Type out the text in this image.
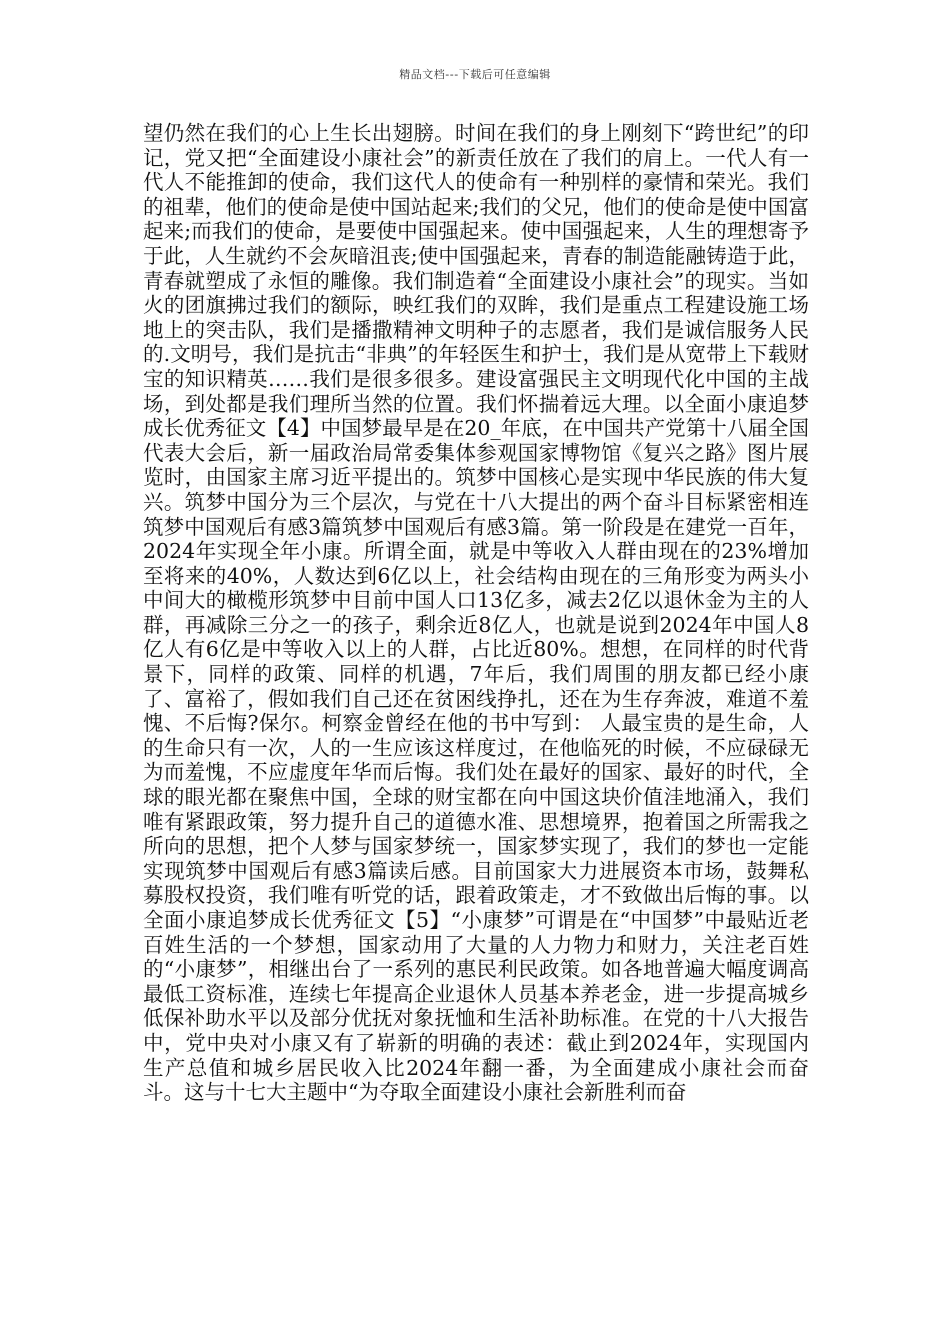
精品文档---下载后可任意编辑

望仍然在我们的心上生长出翅膀。时间在我们的身上刚刻下“跨世纪”的印记，党又把“全面建设小康社会”的新责任放在了我们的肩上。一代人有一代人不能推卸的使命，我们这代人的使命有一种别样的豪情和荣光。我们的祖辈，他们的使命是使中国站起来;我们的父兄，他们的使命是使中国富起来;而我们的使命，是要使中国强起来。使中国强起来，人生的理想寄予于此，人生就约不会灰暗沮丧;使中国强起来，青春的制造能融铸造于此，青春就塑成了永恒的雕像。我们制造着“全面建设小康社会”的现实。当如火的团旗拂过我们的额际，映红我们的双眸，我们是重点工程建设施工场地上的突击队，我们是播撒精神文明种子的志愿者，我们是诚信服务人民的.文明号，我们是抗击“非典”的年轻医生和护士，我们是从宽带上下载财宝的知识精英……我们是很多很多。建设富强民主文明现代化中国的主战场，到处都是我们理所当然的位置。我们怀揣着远大理。以全面小康追梦成长优秀征文【4】中国梦最早是在20_年底，在中国共产党第十八届全国代表大会后，新一届政治局常委集体参观国家博物馆《复兴之路》图片展览时，由国家主席习近平提出的。筑梦中国核心是实现中华民族的伟大复兴。筑梦中国分为三个层次，与党在十八大提出的两个奋斗目标紧密相连筑梦中国观后有感3篇筑梦中国观后有感3篇。第一阶段是在建党一百年，2024年实现全年小康。所谓全面，就是中等收入人群由现在的23%增加至将来的40%，人数达到6亿以上，社会结构由现在的三角形变为两头小中间大的橄榄形筑梦中目前中国人口13亿多，减去2亿以退休金为主的人群，再减除三分之一的孩子，剩余近8亿人，也就是说到2024年中国人8亿人有6亿是中等收入以上的人群，占比近80%。想想，在同样的时代背景下，同样的政策、同样的机遇，7年后，我们周围的朋友都已经小康了、富裕了，假如我们自己还在贫困线挣扎，还在为生存奔波，难道不羞愧、不后悔?保尔。柯察金曾经在他的书中写到： 人最宝贵的是生命，人的生命只有一次，人的一生应该这样度过，在他临死的时候，不应碌碌无为而羞愧，不应虚度年华而后悔。我们处在最好的国家、最好的时代，全球的眼光都在聚焦中国，全球的财宝都在向中国这块价值洼地涌入，我们唯有紧跟政策，努力提升自己的道德水准、思想境界，抱着国之所需我之所向的思想，把个人梦与国家梦统一，国家梦实现了，我们的梦也一定能实现筑梦中国观后有感3篇读后感。目前国家大力进展资本市场，鼓舞私募股权投资，我们唯有听党的话，跟着政策走，才不致做出后悔的事。以全面小康追梦成长优秀征文【5】“小康梦”可谓是在“中国梦”中最贴近老百姓生活的一个梦想，国家动用了大量的人力物力和财力，关注老百姓的“小康梦”，相继出台了一系列的惠民利民政策。如各地普遍大幅度调高最低工资标准，连续七年提高企业退休人员基本养老金，进一步提高城乡低保补助水平以及部分优抚对象抚恤和生活补助标准。在党的十八大报告中，党中央对小康又有了崭新的明确的表述：截止到2024年，实现国内生产总值和城乡居民收入比2024年翻一番，为全面建成小康社会而奋斗。这与十七大主题中“为夺取全面建设小康社会新胜利而奋
